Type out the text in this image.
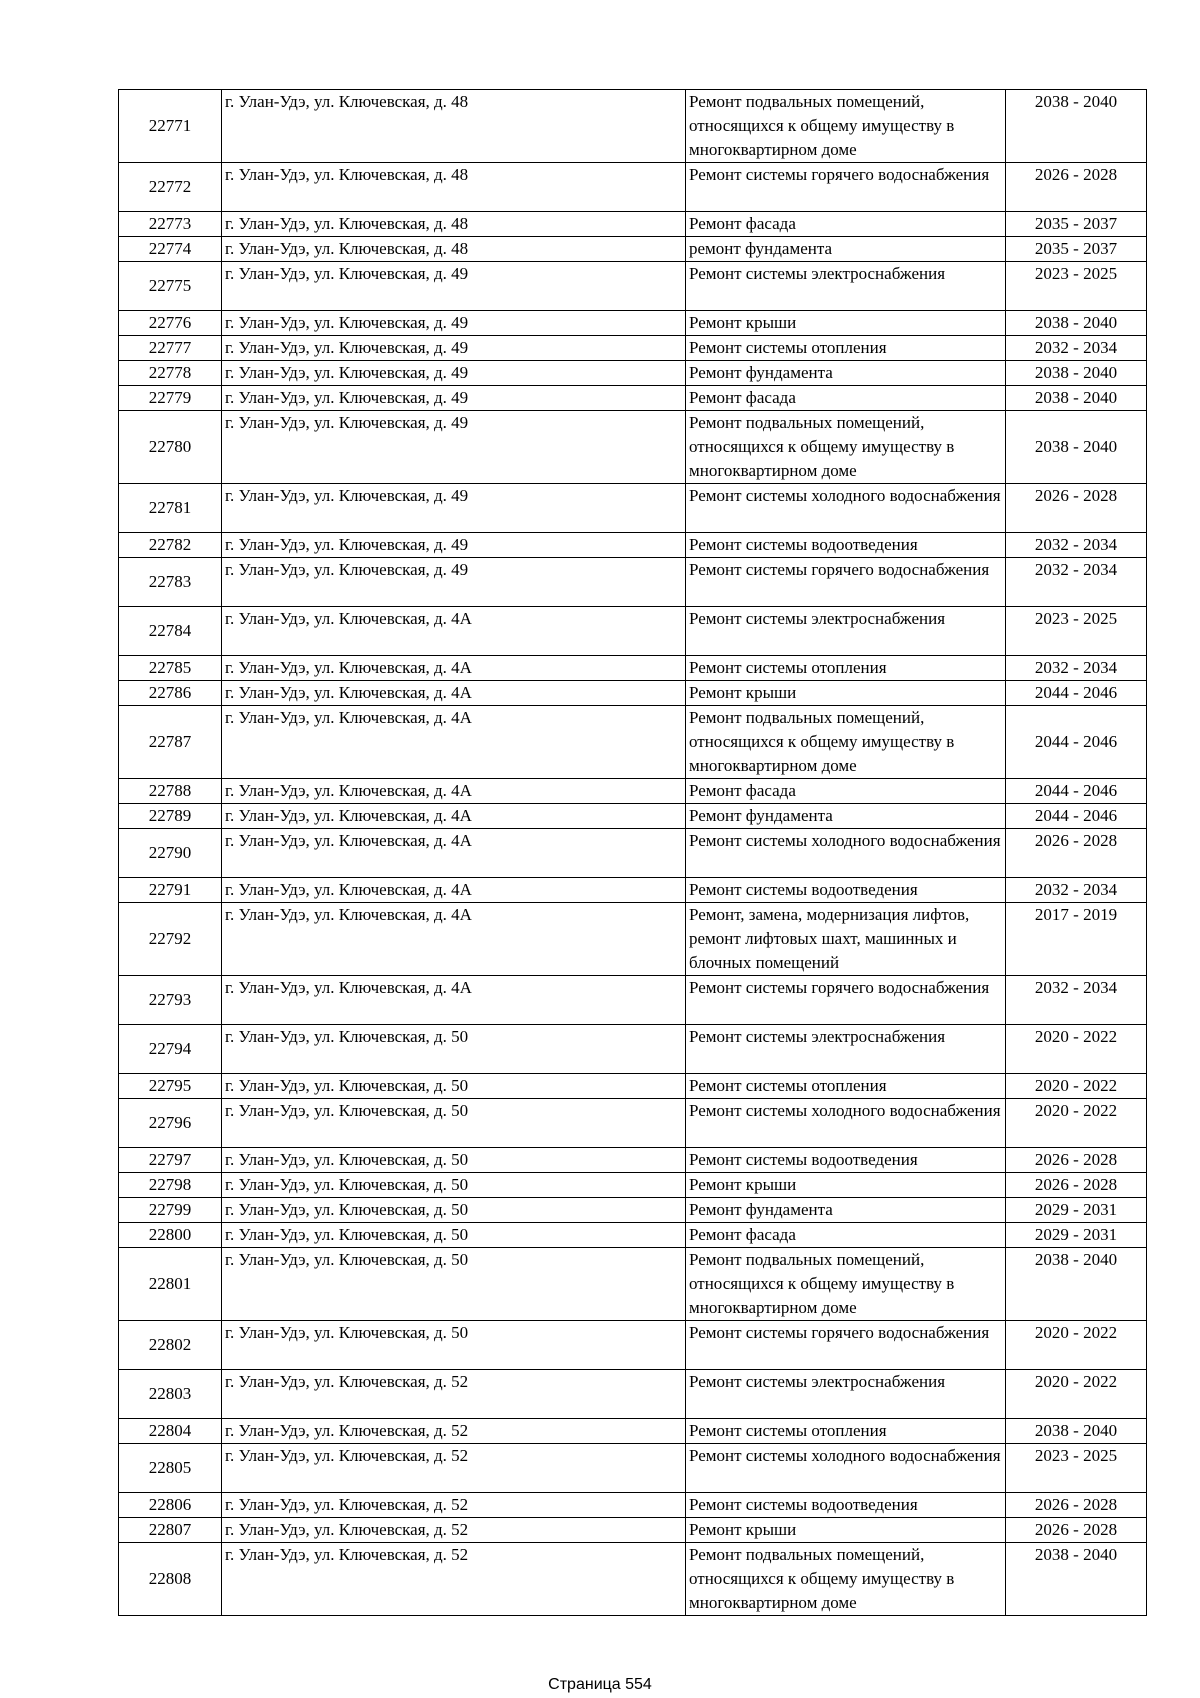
22771	г. Улан-Удэ, ул. Ключевская, д. 48	Ремонт подвальных помещений, относящихся к общему имуществу в многоквартирном доме	2038 - 2040
22772	г. Улан-Удэ, ул. Ключевская, д. 48	Ремонт системы горячего водоснабжения	2026 - 2028
22773	г. Улан-Удэ, ул. Ключевская, д. 48	Ремонт фасада	2035 - 2037
22774	г. Улан-Удэ, ул. Ключевская, д. 48	ремонт фундамента	2035 - 2037
22775	г. Улан-Удэ, ул. Ключевская, д. 49	Ремонт системы электроснабжения	2023 - 2025
22776	г. Улан-Удэ, ул. Ключевская, д. 49	Ремонт крыши	2038 - 2040
22777	г. Улан-Удэ, ул. Ключевская, д. 49	Ремонт системы отопления	2032 - 2034
22778	г. Улан-Удэ, ул. Ключевская, д. 49	Ремонт фундамента	2038 - 2040
22779	г. Улан-Удэ, ул. Ключевская, д. 49	Ремонт фасада	2038 - 2040
22780	г. Улан-Удэ, ул. Ключевская, д. 49	Ремонт подвальных помещений, относящихся к общему имуществу в многоквартирном доме	2038 - 2040
22781	г. Улан-Удэ, ул. Ключевская, д. 49	Ремонт системы холодного водоснабжения	2026 - 2028
22782	г. Улан-Удэ, ул. Ключевская, д. 49	Ремонт системы водоотведения	2032 - 2034
22783	г. Улан-Удэ, ул. Ключевская, д. 49	Ремонт системы горячего водоснабжения	2032 - 2034
22784	г. Улан-Удэ, ул. Ключевская, д. 4А	Ремонт системы электроснабжения	2023 - 2025
22785	г. Улан-Удэ, ул. Ключевская, д. 4А	Ремонт системы отопления	2032 - 2034
22786	г. Улан-Удэ, ул. Ключевская, д. 4А	Ремонт крыши	2044 - 2046
22787	г. Улан-Удэ, ул. Ключевская, д. 4А	Ремонт подвальных помещений, относящихся к общему имуществу в многоквартирном доме	2044 - 2046
22788	г. Улан-Удэ, ул. Ключевская, д. 4А	Ремонт фасада	2044 - 2046
22789	г. Улан-Удэ, ул. Ключевская, д. 4А	Ремонт фундамента	2044 - 2046
22790	г. Улан-Удэ, ул. Ключевская, д. 4А	Ремонт системы холодного водоснабжения	2026 - 2028
22791	г. Улан-Удэ, ул. Ключевская, д. 4А	Ремонт системы водоотведения	2032 - 2034
22792	г. Улан-Удэ, ул. Ключевская, д. 4А	Ремонт, замена, модернизация лифтов, ремонт лифтовых шахт, машинных и блочных помещений	2017 - 2019
22793	г. Улан-Удэ, ул. Ключевская, д. 4А	Ремонт системы горячего водоснабжения	2032 - 2034
22794	г. Улан-Удэ, ул. Ключевская, д. 50	Ремонт системы электроснабжения	2020 - 2022
22795	г. Улан-Удэ, ул. Ключевская, д. 50	Ремонт системы отопления	2020 - 2022
22796	г. Улан-Удэ, ул. Ключевская, д. 50	Ремонт системы холодного водоснабжения	2020 - 2022
22797	г. Улан-Удэ, ул. Ключевская, д. 50	Ремонт системы водоотведения	2026 - 2028
22798	г. Улан-Удэ, ул. Ключевская, д. 50	Ремонт крыши	2026 - 2028
22799	г. Улан-Удэ, ул. Ключевская, д. 50	Ремонт фундамента	2029 - 2031
22800	г. Улан-Удэ, ул. Ключевская, д. 50	Ремонт фасада	2029 - 2031
22801	г. Улан-Удэ, ул. Ключевская, д. 50	Ремонт подвальных помещений, относящихся к общему имуществу в многоквартирном доме	2038 - 2040
22802	г. Улан-Удэ, ул. Ключевская, д. 50	Ремонт системы горячего водоснабжения	2020 - 2022
22803	г. Улан-Удэ, ул. Ключевская, д. 52	Ремонт системы электроснабжения	2020 - 2022
22804	г. Улан-Удэ, ул. Ключевская, д. 52	Ремонт системы отопления	2038 - 2040
22805	г. Улан-Удэ, ул. Ключевская, д. 52	Ремонт системы холодного водоснабжения	2023 - 2025
22806	г. Улан-Удэ, ул. Ключевская, д. 52	Ремонт системы водоотведения	2026 - 2028
22807	г. Улан-Удэ, ул. Ключевская, д. 52	Ремонт крыши	2026 - 2028
22808	г. Улан-Удэ, ул. Ключевская, д. 52	Ремонт подвальных помещений, относящихся к общему имуществу в многоквартирном доме	2038 - 2040
Страница 554
